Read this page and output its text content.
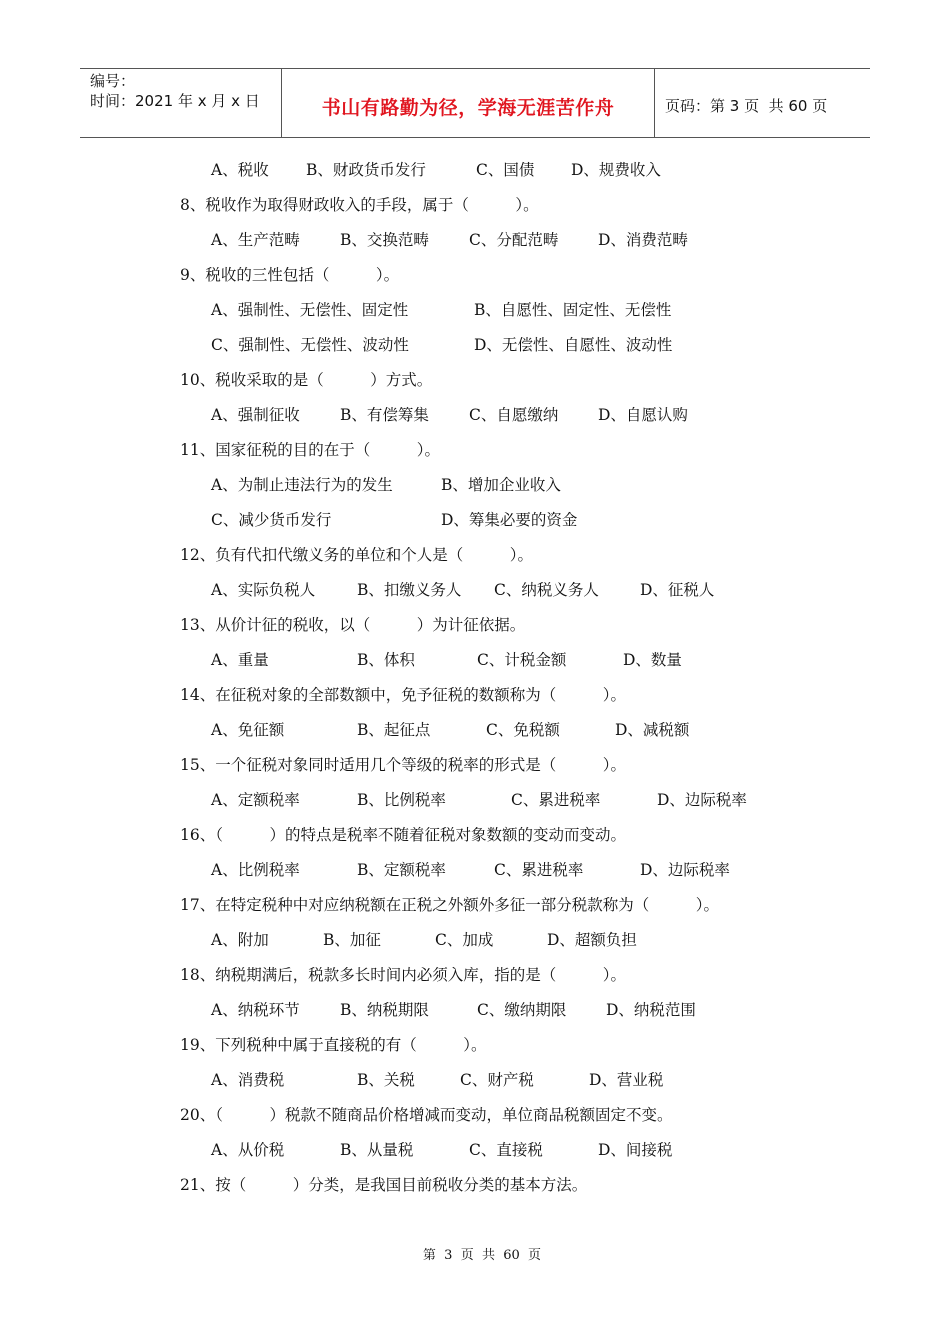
编号：
时间：2021 年 x 月 x 日	书山有路勤为径，学海无涯苦作舟	页码：第 3 页  共 60 页
A、税收 B、财政货币发行	C、国债 D、规费收入
8、税收作为取得财政收入的手段，属于（　　　）。
A、生产范畴	B、交换范畴	C、分配范畴	D、消费范畴
9、税收的三性包括（　　　）。
A、强制性、无偿性、固定性	B、自愿性、固定性、无偿性
C、强制性、无偿性、波动性	D、无偿性、自愿性、波动性
10、税收采取的是（　　　）方式。
A、强制征收	B、有偿筹集	C、自愿缴纳	D、自愿认购
11、国家征税的目的在于（　　　）。
A、为制止违法行为的发生	B、增加企业收入
C、减少货币发行	D、筹集必要的资金
12、负有代扣代缴义务的单位和个人是（　　　）。
A、实际负税人	B、扣缴义务人 C、纳税义务人	D、征税人
13、从价计征的税收，以（　　　）为计征依据。
A、重量	B、体积	C、计税金额	D、数量
14、在征税对象的全部数额中，免予征税的数额称为（　　　）。
A、免征额	B、起征点	C、免税额	D、减税额
15、一个征税对象同时适用几个等级的税率的形式是（　　　）。
A、定额税率	B、比例税率	C、累进税率	D、边际税率
16、（　　　）的特点是税率不随着征税对象数额的变动而变动。
A、比例税率	B、定额税率	C、累进税率	D、边际税率
17、在特定税种中对应纳税额在正税之外额外多征一部分税款称为（　　　）。
A、附加	B、加征	C、加成	D、超额负担
18、纳税期满后，税款多长时间内必须入库，指的是（　　　）。
A、纳税环节	B、纳税期限	C、缴纳期限	D、纳税范围
19、下列税种中属于直接税的有（　　　）。
A、消费税	B、关税	C、财产税	D、营业税
20、（　　　）税款不随商品价格增减而变动，单位商品税额固定不变。
A、从价税	B、从量税	C、直接税	D、间接税
21、按（　　　）分类，是我国目前税收分类的基本方法。
第  3  页  共  60  页
